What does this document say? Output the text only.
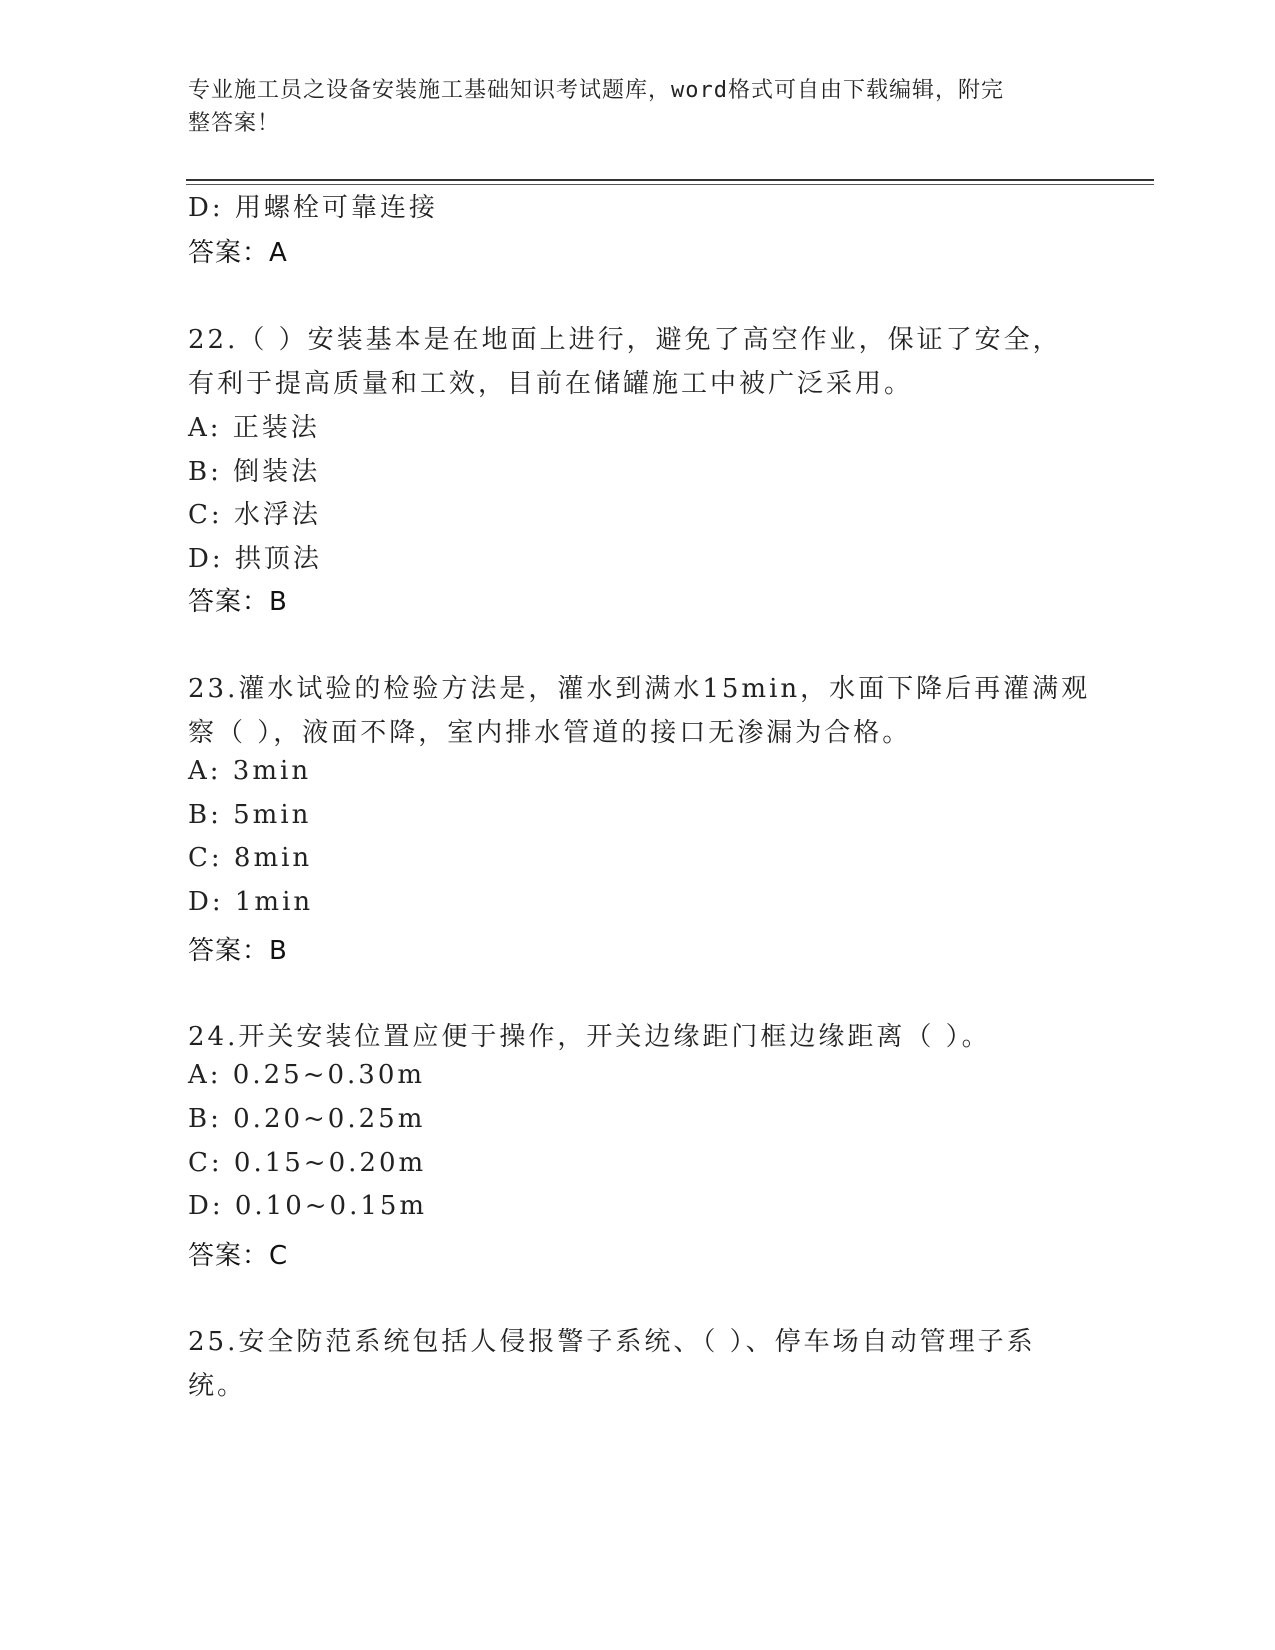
专业施工员之设备安装施工基础知识考试题库，word格式可自由下载编辑，附完
整答案！
D: 用螺栓可靠连接
答案：A
22.（ ）安装基本是在地面上进行，避免了高空作业，保证了安全，
有利于提高质量和工效，目前在储罐施工中被广泛采用。
A: 正装法
B: 倒装法
C: 水浮法
D: 拱顶法
答案：B
23.灌水试验的检验方法是，灌水到满水15min，水面下降后再灌满观
察（ ），液面不降，室内排水管道的接口无渗漏为合格。
A: 3min
B: 5min
C: 8min
D: 1min
答案：B
24.开关安装位置应便于操作，开关边缘距门框边缘距离（ ）。
A: 0.25~0.30m
B: 0.20~0.25m
C: 0.15~0.20m
D: 0.10~0.15m
答案：C
25.安全防范系统包括人侵报警子系统、（ ）、停车场自动管理子系
统。
